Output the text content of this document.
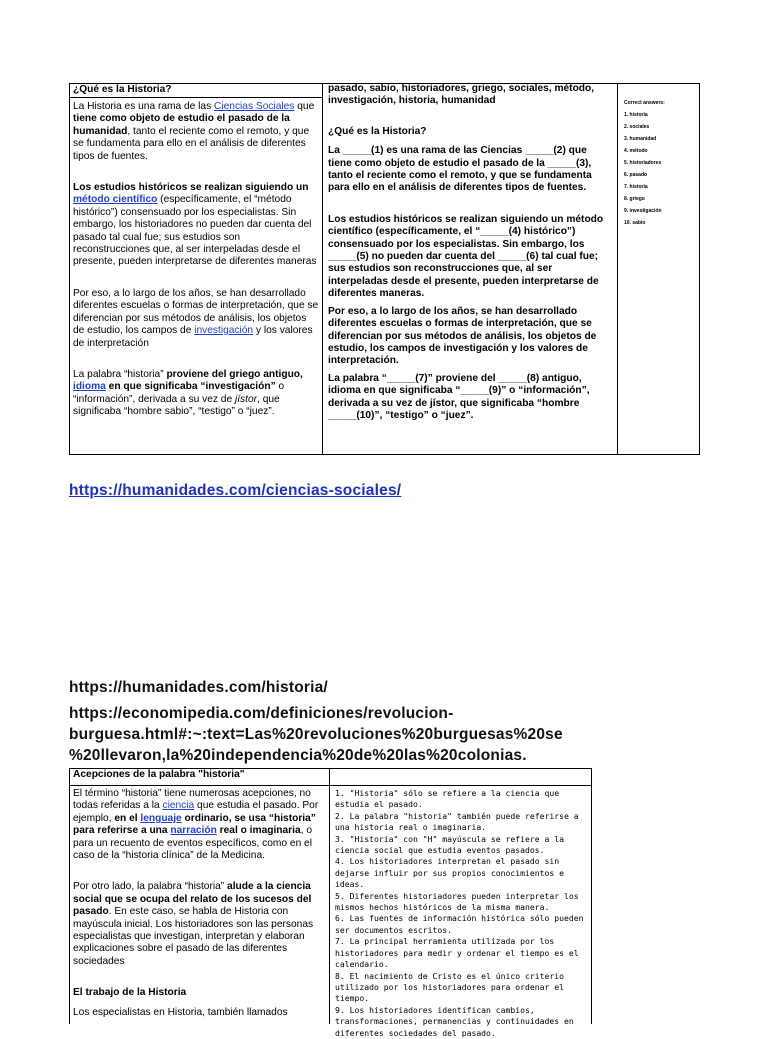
¿Qué es la Historia?

La Historia es una rama de las Ciencias Sociales que tiene como objeto de estudio el pasado de la humanidad, tanto el reciente como el remoto, y que se fundamenta para ello en el análisis de diferentes tipos de fuentes.

Los estudios históricos se realizan siguiendo un método científico (específicamente, el “método histórico”) consensuado por los especialistas. Sin embargo, los historiadores no pueden dar cuenta del pasado tal cual fue; sus estudios son reconstrucciones que, al ser interpeladas desde el presente, pueden interpretarse de diferentes maneras

Por eso, a lo largo de los años, se han desarrollado diferentes escuelas o formas de interpretación, que se diferencian por sus métodos de análisis, los objetos de estudio, los campos de investigación y los valores de interpretación

La palabra “historia” proviene del griego antiguo, idioma en que significaba “investigación” o “información”, derivada a su vez de jístor, que significaba “hombre sabio”, “testigo” o “juez”.

pasado, sabio, historiadores, griego, sociales, método, investigación, historia, humanidad

¿Qué es la Historia?

La _____(1) es una rama de las Ciencias _____(2) que tiene como objeto de estudio el pasado de la _____(3), tanto el reciente como el remoto, y que se fundamenta para ello en el análisis de diferentes tipos de fuentes.

Los estudios históricos se realizan siguiendo un método científico (específicamente, el “_____(4) histórico”) consensuado por los especialistas. Sin embargo, los _____(5) no pueden dar cuenta del _____(6) tal cual fue; sus estudios son reconstrucciones que, al ser interpeladas desde el presente, pueden interpretarse de diferentes maneras.

Por eso, a lo largo de los años, se han desarrollado diferentes escuelas o formas de interpretación, que se diferencian por sus métodos de análisis, los objetos de estudio, los campos de investigación y los valores de interpretación.

La palabra “_____(7)” proviene del _____(8) antiguo, idioma en que significaba “_____(9)” o “información”, derivada a su vez de jístor, que significaba “hombre _____(10)”, “testigo” o “juez”.

Correct answers:
1. historia
2. sociales
3. humanidad
4. método
5. historiadores
6. pasado
7. historia
8. griego
9. investigación
10. sabio
https://humanidades.com/ciencias-sociales/
https://humanidades.com/historia/
https://economipedia.com/definiciones/revolucion-
burguesa.html#:~:text=Las%20revoluciones%20burguesas%20se
%20llevaron,la%20independencia%20de%20las%20colonias.
Acepciones de la palabra "historia"

El término “historia” tiene numerosas acepciones, no todas referidas a la ciencia que estudia el pasado. Por ejemplo, en el lenguaje ordinario, se usa “historia” para referirse a una narración real o imaginaria, o para un recuento de eventos específicos, como en el caso de la “historia clínica” de la Medicina.

Por otro lado, la palabra “historia” alude a la ciencia social que se ocupa del relato de los sucesos del pasado. En este caso, se habla de Historia con mayúscula inicial. Los historiadores son las personas especialistas que investigan, interpretan y elaboran explicaciones sobre el pasado de las diferentes sociedades

El trabajo de la Historia

Los especialistas en Historia, también llamados

1. "Historia" sólo se refiere a la ciencia que estudia el pasado.
2. La palabra "historia" también puede referirse a una historia real o imaginaria.
3. "Historia" con "H" mayúscula se refiere a la ciencia social que estudia eventos pasados.
4. Los historiadores interpretan el pasado sin dejarse influir por sus propios conocimientos e ideas.
5. Diferentes historiadores pueden interpretar los mismos hechos históricos de la misma manera.
6. Las fuentes de información histórica sólo pueden ser documentos escritos.
7. La principal herramienta utilizada por los historiadores para medir y ordenar el tiempo es el calendario.
8. El nacimiento de Cristo es el único criterio utilizado por los historiadores para ordenar el tiempo.
9. Los historiadores identifican cambios, transformaciones, permanencias y continuidades en diferentes sociedades del pasado.
